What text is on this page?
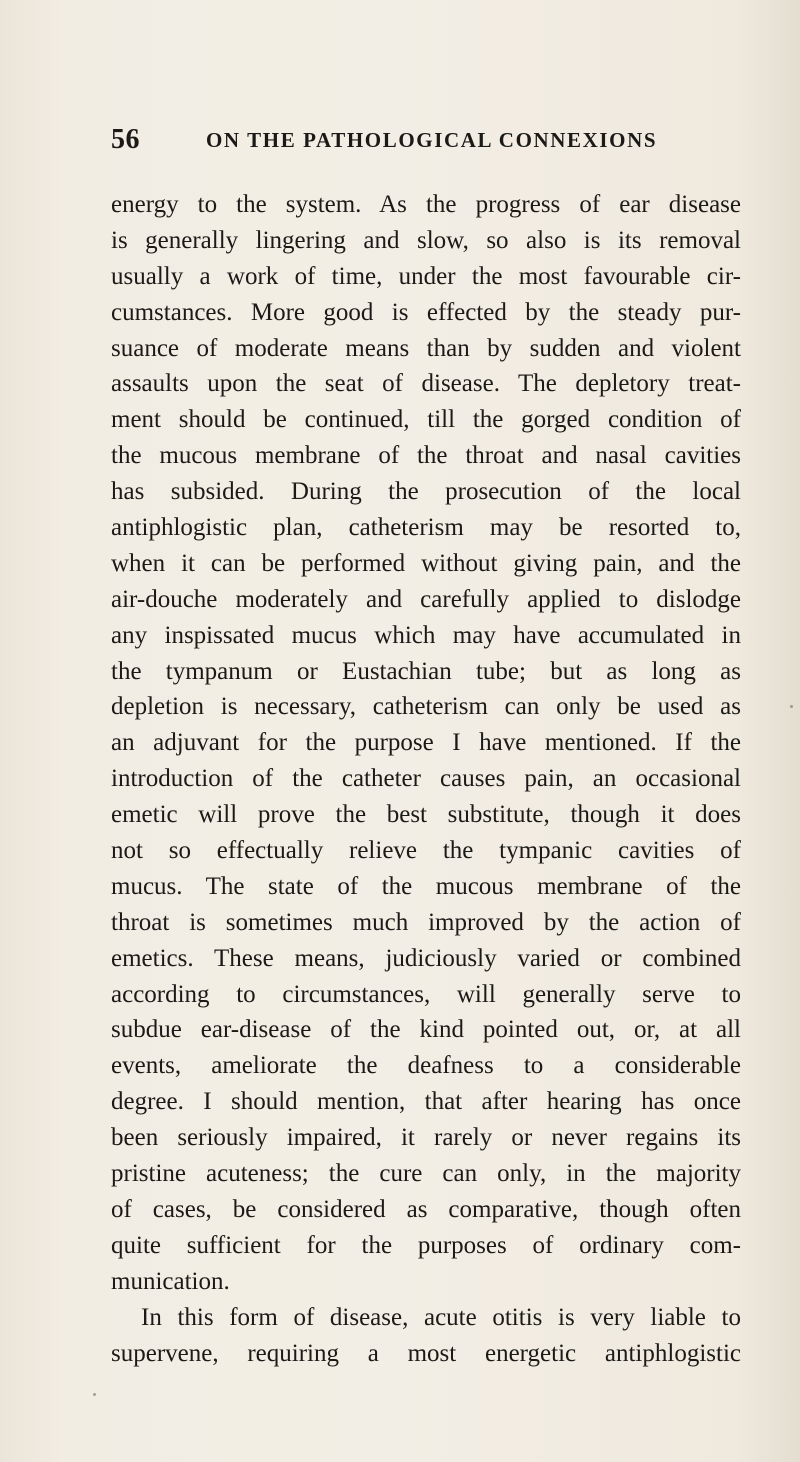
56	ON THE PATHOLOGICAL CONNEXIONS
energy to the system. As the progress of ear disease
is generally lingering and slow, so also is its removal
usually a work of time, under the most favourable cir-
cumstances. More good is effected by the steady pur-
suance of moderate means than by sudden and violent
assaults upon the seat of disease. The depletory treat-
ment should be continued, till the gorged condition of
the mucous membrane of the throat and nasal cavities
has subsided. During the prosecution of the local
antiphlogistic plan, catheterism may be resorted to,
when it can be performed without giving pain, and the
air-douche moderately and carefully applied to dislodge
any inspissated mucus which may have accumulated in
the tympanum or Eustachian tube; but as long as
depletion is necessary, catheterism can only be used as
an adjuvant for the purpose I have mentioned. If the
introduction of the catheter causes pain, an occasional
emetic will prove the best substitute, though it does
not so effectually relieve the tympanic cavities of
mucus. The state of the mucous membrane of the
throat is sometimes much improved by the action of
emetics. These means, judiciously varied or combined
according to circumstances, will generally serve to
subdue ear-disease of the kind pointed out, or, at all
events, ameliorate the deafness to a considerable
degree. I should mention, that after hearing has once
been seriously impaired, it rarely or never regains its
pristine acuteness; the cure can only, in the majority
of cases, be considered as comparative, though often
quite sufficient for the purposes of ordinary com-
munication.
In this form of disease, acute otitis is very liable to
supervene, requiring a most energetic antiphlogistic
